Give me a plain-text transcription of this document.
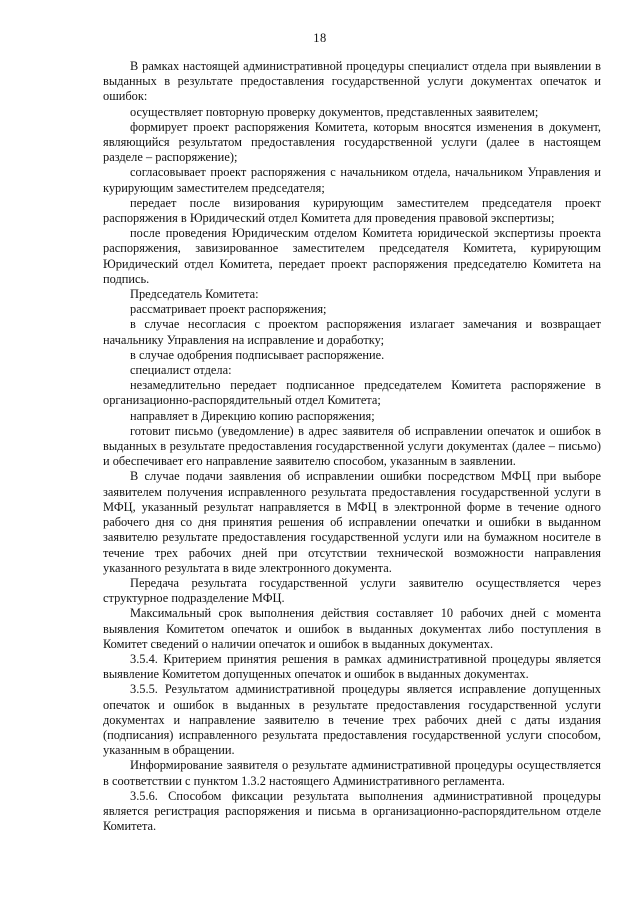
18

В рамках настоящей административной процедуры специалист отдела при выявлении в выданных в результате предоставления государственной услуги документах опечаток и ошибок:

осуществляет повторную проверку документов, представленных заявителем;

формирует проект распоряжения Комитета, которым вносятся изменения в документ, являющийся результатом предоставления государственной услуги (далее в настоящем разделе – распоряжение);

согласовывает проект распоряжения с начальником отдела, начальником Управления и курирующим заместителем председателя;

передает после визирования курирующим заместителем председателя проект распоряжения в Юридический отдел Комитета для проведения правовой экспертизы;

после проведения Юридическим отделом Комитета юридической экспертизы проекта распоряжения, завизированное заместителем председателя Комитета, курирующим Юридический отдел Комитета, передает проект распоряжения председателю Комитета на подпись.

Председатель Комитета:

рассматривает проект распоряжения;

в случае несогласия с проектом распоряжения излагает замечания и возвращает начальнику Управления на исправление и доработку;

в случае одобрения подписывает распоряжение.

специалист отдела:

незамедлительно передает подписанное председателем Комитета распоряжение в организационно-распорядительный отдел Комитета;

направляет в Дирекцию копию распоряжения;

готовит письмо (уведомление) в адрес заявителя об исправлении опечаток и ошибок в выданных в результате предоставления государственной услуги документах (далее – письмо) и обеспечивает его направление заявителю способом, указанным в заявлении.

В случае подачи заявления об исправлении ошибки посредством МФЦ при выборе заявителем получения исправленного результата предоставления государственной услуги в МФЦ, указанный результат направляется в МФЦ в электронной форме в течение одного рабочего дня со дня принятия решения об исправлении опечатки и ошибки в выданном заявителю результате предоставления государственной услуги или на бумажном носителе в течение трех рабочих дней при отсутствии технической возможности направления указанного результата в виде электронного документа.

Передача результата государственной услуги заявителю осуществляется через структурное подразделение МФЦ.

Максимальный срок выполнения действия составляет 10 рабочих дней с момента выявления Комитетом опечаток и ошибок в выданных документах либо поступления в Комитет сведений о наличии опечаток и ошибок в выданных документах.

3.5.4. Критерием принятия решения в рамках административной процедуры является выявление Комитетом допущенных опечаток и ошибок в выданных документах.

3.5.5. Результатом административной процедуры является исправление допущенных опечаток и ошибок в выданных в результате предоставления государственной услуги документах и направление заявителю в течение трех рабочих дней с даты издания (подписания) исправленного результата предоставления государственной услуги способом, указанным в обращении.

Информирование заявителя о результате административной процедуры осуществляется в соответствии с пунктом 1.3.2 настоящего Административного регламента.

3.5.6. Способом фиксации результата выполнения административной процедуры является регистрация распоряжения и письма в организационно-распорядительном отделе Комитета.
